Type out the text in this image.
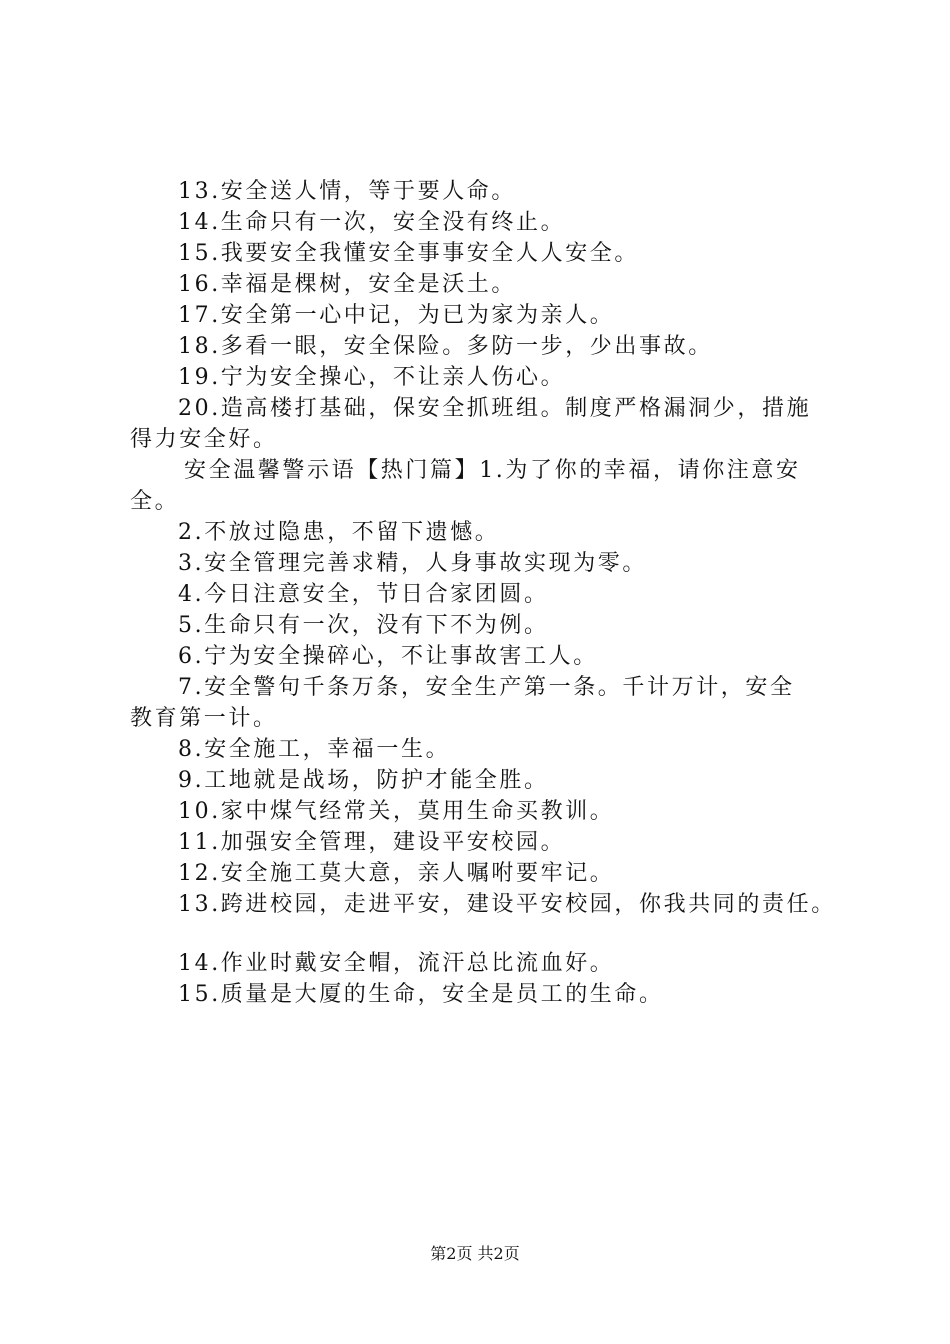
13.安全送人情，等于要人命。
14.生命只有一次，安全没有终止。
15.我要安全我懂安全事事安全人人安全。
16.幸福是棵树，安全是沃土。
17.安全第一心中记，为已为家为亲人。
18.多看一眼，安全保险。多防一步，少出事故。
19.宁为安全操心，不让亲人伤心。
20.造高楼打基础，保安全抓班组。制度严格漏洞少，措施
得力安全好。
安全温馨警示语【热门篇】1.为了你的幸福，请你注意安
全。
2.不放过隐患，不留下遗憾。
3.安全管理完善求精，人身事故实现为零。
4.今日注意安全，节日合家团圆。
5.生命只有一次，没有下不为例。
6.宁为安全操碎心，不让事故害工人。
7.安全警句千条万条，安全生产第一条。千计万计，安全
教育第一计。
8.安全施工，幸福一生。
9.工地就是战场，防护才能全胜。
10.家中煤气经常关，莫用生命买教训。
11.加强安全管理，建设平安校园。
12.安全施工莫大意，亲人嘱咐要牢记。
13.跨进校园，走进平安，建设平安校园，你我共同的责任。
14.作业时戴安全帽，流汗总比流血好。
15.质量是大厦的生命，安全是员工的生命。
第2页 共2页
